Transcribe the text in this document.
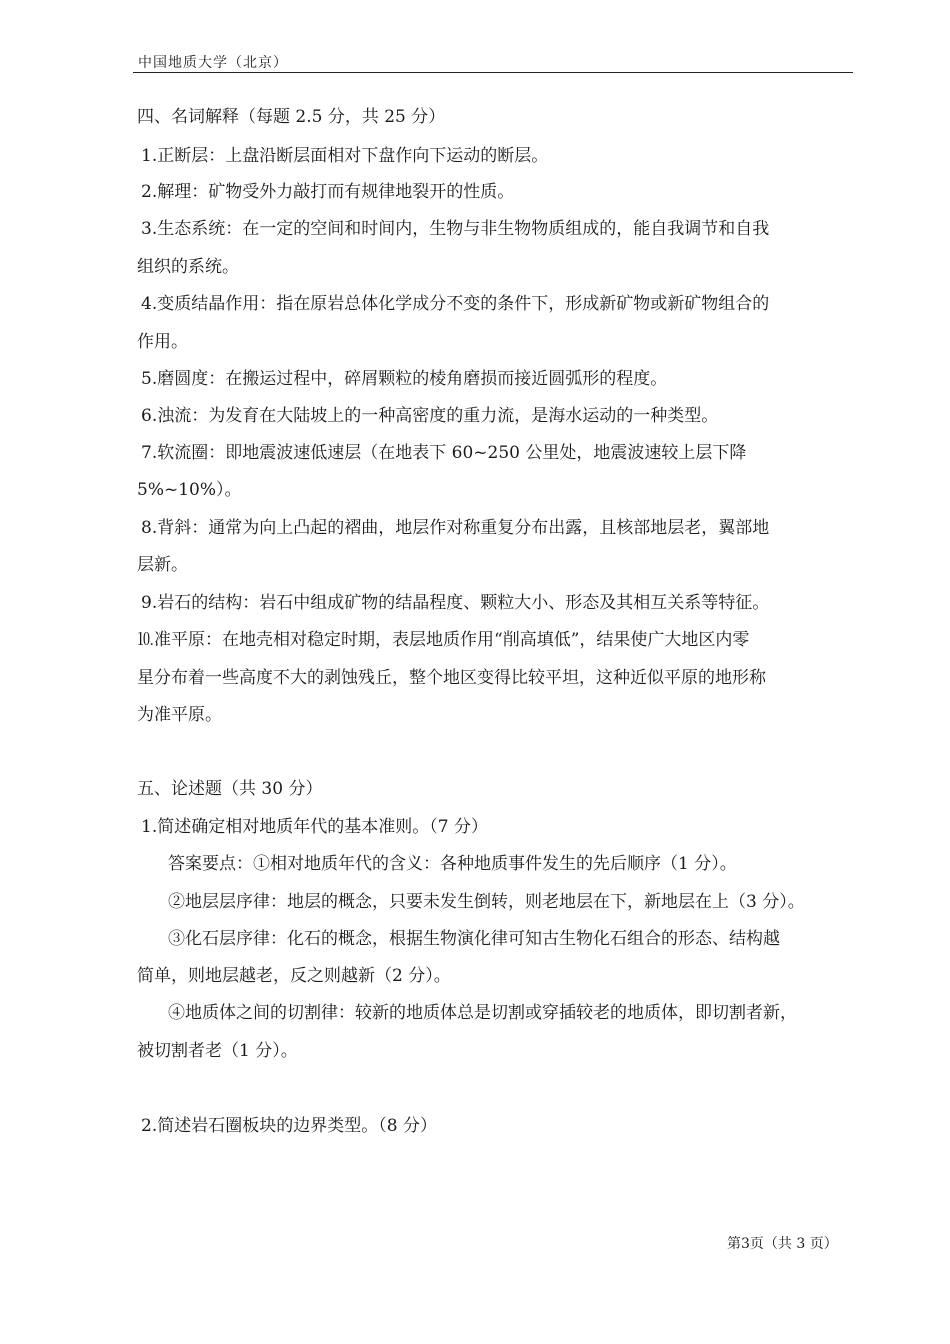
中国地质大学（北京）
四、名词解释（每题 2.5 分，共 25 分）
1.正断层：上盘沿断层面相对下盘作向下运动的断层。
2.解理：矿物受外力敲打而有规律地裂开的性质。
3.生态系统：在一定的空间和时间内，生物与非生物物质组成的，能自我调节和自我
组织的系统。
4.变质结晶作用：指在原岩总体化学成分不变的条件下，形成新矿物或新矿物组合的
作用。
5.磨圆度：在搬运过程中，碎屑颗粒的棱角磨损而接近圆弧形的程度。
6.浊流：为发育在大陆坡上的一种高密度的重力流，是海水运动的一种类型。
7.软流圈：即地震波速低速层（在地表下 60~250 公里处，地震波速较上层下降
5%~10%）。
8.背斜：通常为向上凸起的褶曲，地层作对称重复分布出露，且核部地层老，翼部地
层新。
9.岩石的结构：岩石中组成矿物的结晶程度、颗粒大小、形态及其相互关系等特征。
⒑准平原：在地壳相对稳定时期，表层地质作用“削高填低”，结果使广大地区内零
星分布着一些高度不大的剥蚀残丘，整个地区变得比较平坦，这种近似平原的地形称
为准平原。
五、论述题（共 30 分）
1.简述确定相对地质年代的基本准则。（7 分）
答案要点：①相对地质年代的含义：各种地质事件发生的先后顺序（1 分）。
②地层层序律：地层的概念，只要未发生倒转，则老地层在下，新地层在上（3 分）。
③化石层序律：化石的概念，根据生物演化律可知古生物化石组合的形态、结构越
简单，则地层越老，反之则越新（2 分）。
④地质体之间的切割律：较新的地质体总是切割或穿插较老的地质体，即切割者新，
被切割者老（1 分）。
2.简述岩石圈板块的边界类型。（8 分）
第3页（共 3 页）
